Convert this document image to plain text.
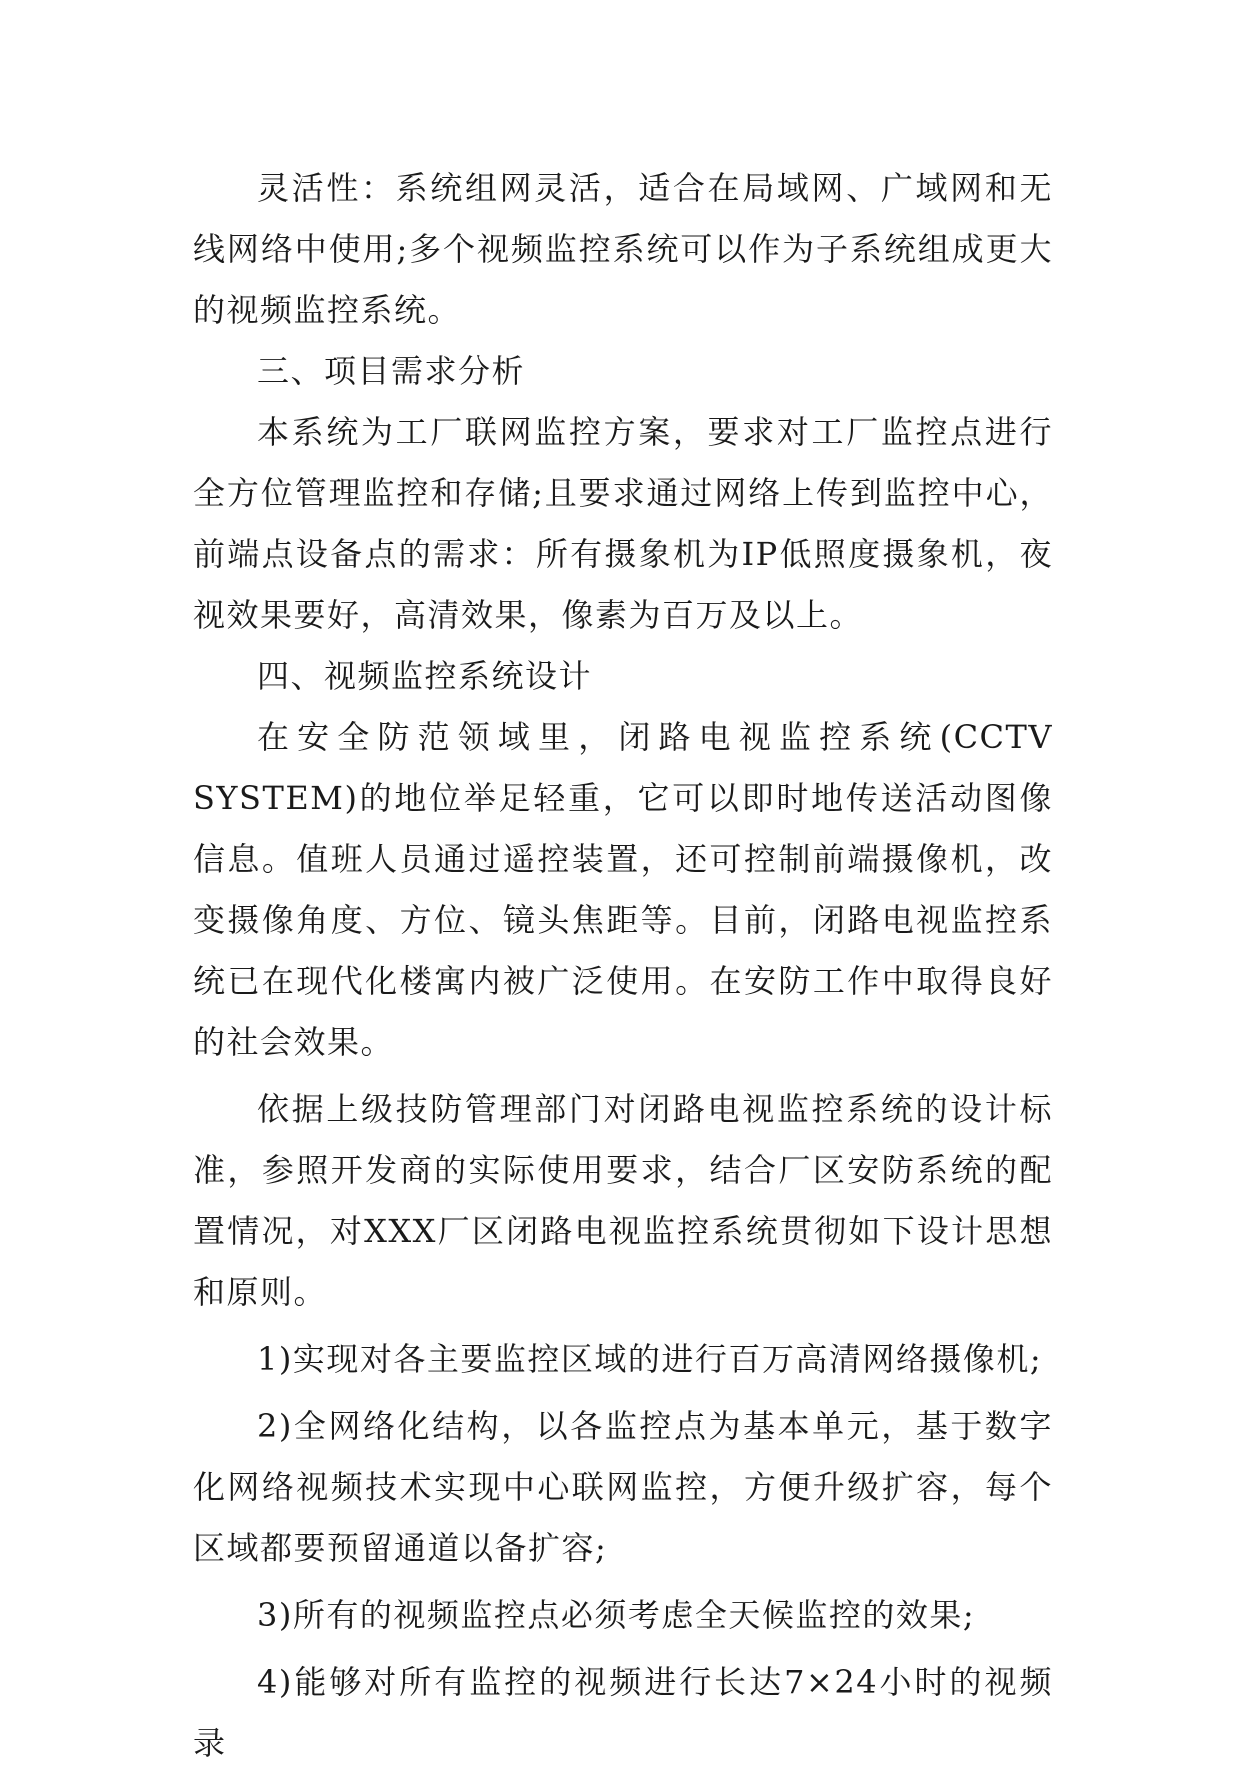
灵活性：系统组网灵活，适合在局域网、广域网和无线网络中使用;多个视频监控系统可以作为子系统组成更大的视频监控系统。

三、项目需求分析

本系统为工厂联网监控方案，要求对工厂监控点进行全方位管理监控和存储;且要求通过网络上传到监控中心，前端点设备点的需求：所有摄象机为IP低照度摄象机，夜视效果要好，高清效果，像素为百万及以上。

四、视频监控系统设计

在安全防范领域里，闭路电视监控系统(CCTV SYSTEM)的地位举足轻重，它可以即时地传送活动图像信息。值班人员通过遥控装置，还可控制前端摄像机，改变摄像角度、方位、镜头焦距等。目前，闭路电视监控系统已在现代化楼寓内被广泛使用。在安防工作中取得良好的社会效果。

依据上级技防管理部门对闭路电视监控系统的设计标准，参照开发商的实际使用要求，结合厂区安防系统的配置情况，对XXX厂区闭路电视监控系统贯彻如下设计思想和原则。

1)实现对各主要监控区域的进行百万高清网络摄像机;

2)全网络化结构，以各监控点为基本单元，基于数字化网络视频技术实现中心联网监控，方便升级扩容，每个区域都要预留通道以备扩容;

3)所有的视频监控点必须考虑全天候监控的效果;

4)能够对所有监控的视频进行长达7×24小时的视频录
